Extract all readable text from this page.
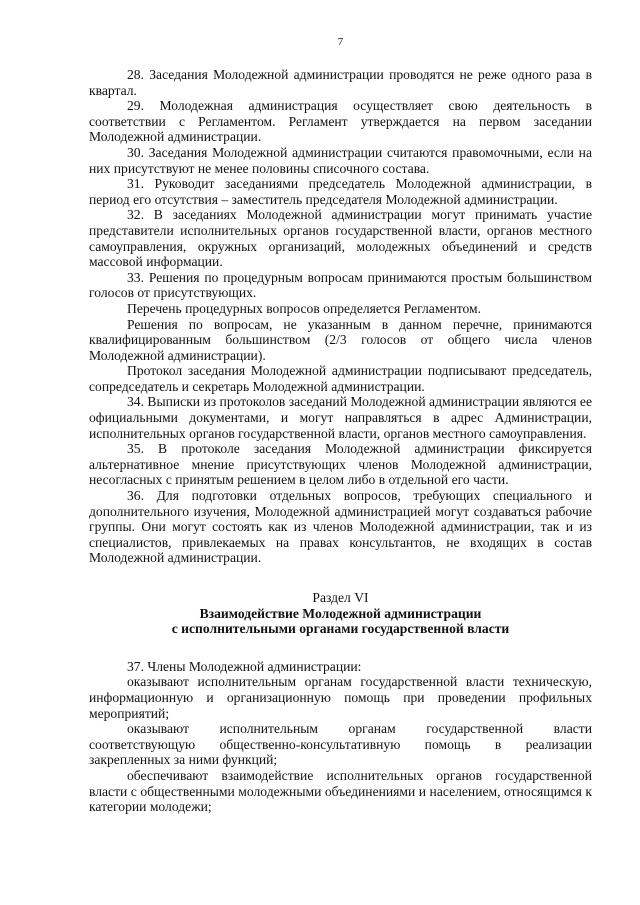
7

28. Заседания Молодежной администрации проводятся не реже одного раза в квартал.

29. Молодежная администрация осуществляет свою деятельность в соответствии с Регламентом. Регламент утверждается на первом заседании Молодежной администрации.

30. Заседания Молодежной администрации считаются правомочными, если на них присутствуют не менее половины списочного состава.

31. Руководит заседаниями председатель Молодежной администрации, в период его отсутствия – заместитель председателя Молодежной администрации.

32. В заседаниях Молодежной администрации могут принимать участие представители исполнительных органов государственной власти, органов местного самоуправления, окружных организаций, молодежных объединений и средств массовой информации.

33. Решения по процедурным вопросам принимаются простым большинством голосов от присутствующих.

Перечень процедурных вопросов определяется Регламентом.

Решения по вопросам, не указанным в данном перечне, принимаются квалифицированным большинством (2/3 голосов от общего числа членов Молодежной администрации).

Протокол заседания Молодежной администрации подписывают председатель, сопредседатель и секретарь Молодежной администрации.

34. Выписки из протоколов заседаний Молодежной администрации являются ее официальными документами, и могут направляться в адрес Администрации, исполнительных органов государственной власти, органов местного самоуправления.

35. В протоколе заседания Молодежной администрации фиксируется альтернативное мнение присутствующих членов Молодежной администрации, несогласных с принятым решением в целом либо в отдельной его части.

36. Для подготовки отдельных вопросов, требующих специального и дополнительного изучения, Молодежной администрацией могут создаваться рабочие группы. Они могут состоять как из членов Молодежной администрации, так и из специалистов, привлекаемых на правах консультантов, не входящих в состав Молодежной администрации.

Раздел VI

Взаимодействие Молодежной администрации

с исполнительными органами государственной власти

37. Члены Молодежной администрации:

оказывают исполнительным органам государственной власти техническую, информационную и организационную помощь при проведении профильных мероприятий;

оказывают исполнительным органам государственной власти соответствующую общественно-консультативную помощь в реализации закрепленных за ними функций;

обеспечивают взаимодействие исполнительных органов государственной власти с общественными молодежными объединениями и населением, относящимся к категории молодежи;
